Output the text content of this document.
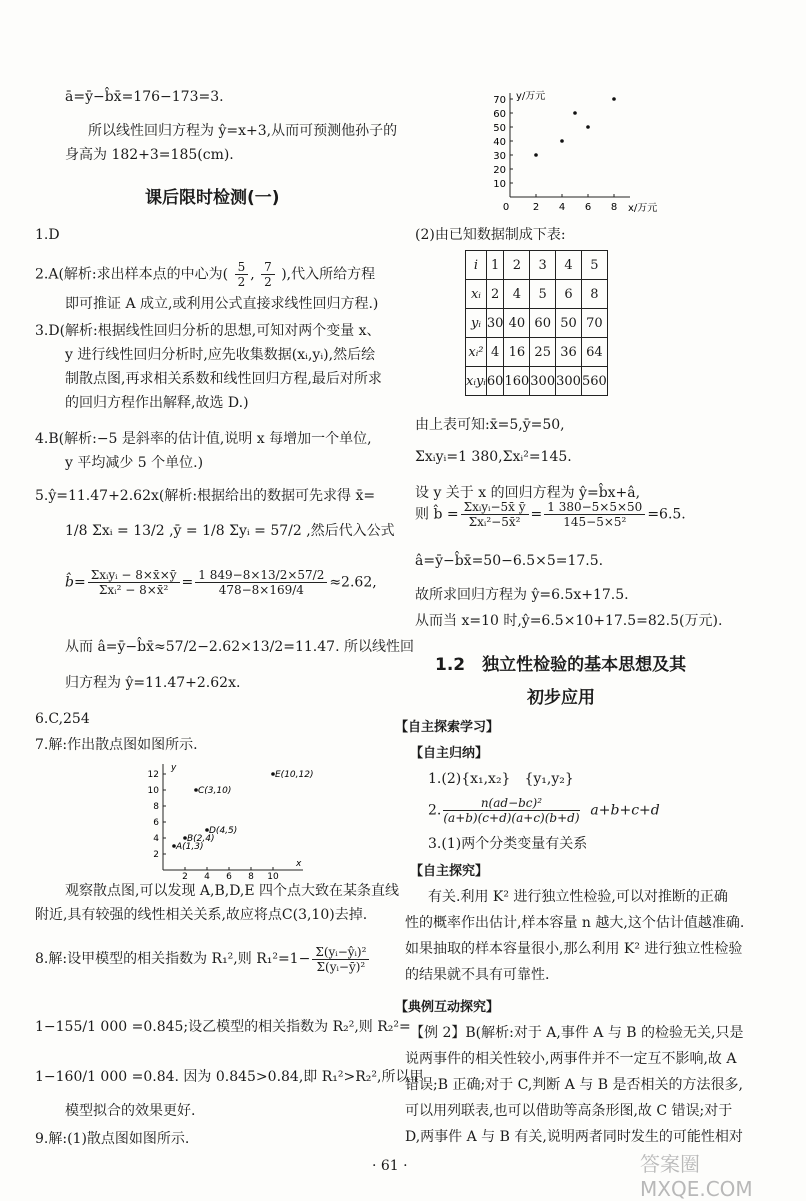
ā=ȳ−b̂x̄=176−173=3.
所以线性回归方程为 ŷ=x+3,从而可预测他孙子的
身高为 182+3=185(cm).
课后限时检测(一)
1.D
2.A(解析:求出样本点的中心为( $\frac{5}{2}$ , $\frac{7}{2}$ ),代入所给方程
即可推证 A 成立,或利用公式直接求线性回归方程.)
3.D(解析:根据线性回归分析的思想,可知对两个变量 x、
y 进行线性回归分析时,应先收集数据(xᵢ,yᵢ),然后绘
制散点图,再求相关系数和线性回归方程,最后对所求
的回归方程作出解释,故选 D.)
4.B(解析:−5 是斜率的估计值,说明 x 每增加一个单位,
y 平均减少 5 个单位.)
5.ŷ=11.47+2.62x(解析:根据给出的数据可先求得 x̄=
1/8 Σxᵢ = 13/2 ,ȳ = 1/8 Σyᵢ = 57/2 ,然后代入公式
b̂= $\frac{\text{Σxᵢyᵢ − 8×x̄×ȳ}}{\text{Σxᵢ² − 8×x̄²}} = \frac{1 849-8\times 13/2\times 57/2}{478-8\times 169/4} \approx 2.62$,
从而 â=ȳ−b̂x̄≈57/2−2.62×13/2=11.47. 所以线性回
归方程为 ŷ=11.47+2.62x.
6.C,254
7.解:作出散点图如图所示.
y
x
2
4
6
8
10
12
2 4 6 8 10
A(1,3)
B(2,4)
C(3,10)
D(4,5)
E(10,12)
观察散点图,可以发现 A,B,D,E 四个点大致在某条直线
附近,具有较强的线性相关关系,故应将点C(3,10)去掉.
8.解:设甲模型的相关指数为 R₁²,则 $R_1^2=1- \frac{\text{Σ(yᵢ−ŷᵢ)²}}{\text{Σ(yᵢ−ȳ)²}}$
1−155/1 000 =0.845;设乙模型的相关指数为 R₂²,则 R₂²=
1−160/1 000 =0.84. 因为 0.845>0.84,即 R₁²>R₂²,所以甲
模型拟合的效果更好.
9.解:(1)散点图如图所示.
y/万元
x/万元
10
20
30
40
50
60
70
0 2 4 6 8
(2)由已知数据制成下表:
i	1	2	3	4	5
xᵢ	2	4	5	6	8
yᵢ	30	40	60	50	70
xᵢ²	4	16	25	36	64
xᵢyᵢ	60	160	300	300	560
由上表可知:x̄=5,ȳ=50,
Σxᵢyᵢ=1 380,Σxᵢ²=145.
设 y 关于 x 的回归方程为 ŷ=b̂x+â,
则 b̂ = $\frac{\text{Σxᵢyᵢ−5x̄ ȳ}}{\text{Σxᵢ²−5x̄²}} = \frac{1 380-5\times 5\times 50}{\text{145−5×5²}} =6.5$.
â=ȳ−b̂x̄=50−6.5×5=17.5.
故所求回归方程为 ŷ=6.5x+17.5.
从而当 x=10 时,ŷ=6.5×10+17.5=82.5(万元).
1.2　独立性检验的基本思想及其
初步应用
【自主探索学习】
【自主归纳】
1.(2){x₁,x₂}　{y₁,y₂}
2. $\frac{\text{n(ad−bc)²}}{(a+b)(c+d)(a+c)(b+d)} a+b+c+d$
3.(1)两个分类变量有关系
【自主探究】
有关.利用 K² 进行独立性检验,可以对推断的正确
性的概率作出估计,样本容量 n 越大,这个估计值越准确.
如果抽取的样本容量很小,那么利用 K² 进行独立性检验
的结果就不具有可靠性.
【典例互动探究】
【例 2】B(解析:对于 A,事件 A 与 B 的检验无关,只是
说两事件的相关性较小,两事件并不一定互不影响,故 A
错误;B 正确;对于 C,判断 A 与 B 是否相关的方法很多,
可以用列联表,也可以借助等高条形图,故 C 错误;对于
D,两事件 A 与 B 有关,说明两者同时发生的可能性相对
· 61 ·	答案圈 MXQE.COM
